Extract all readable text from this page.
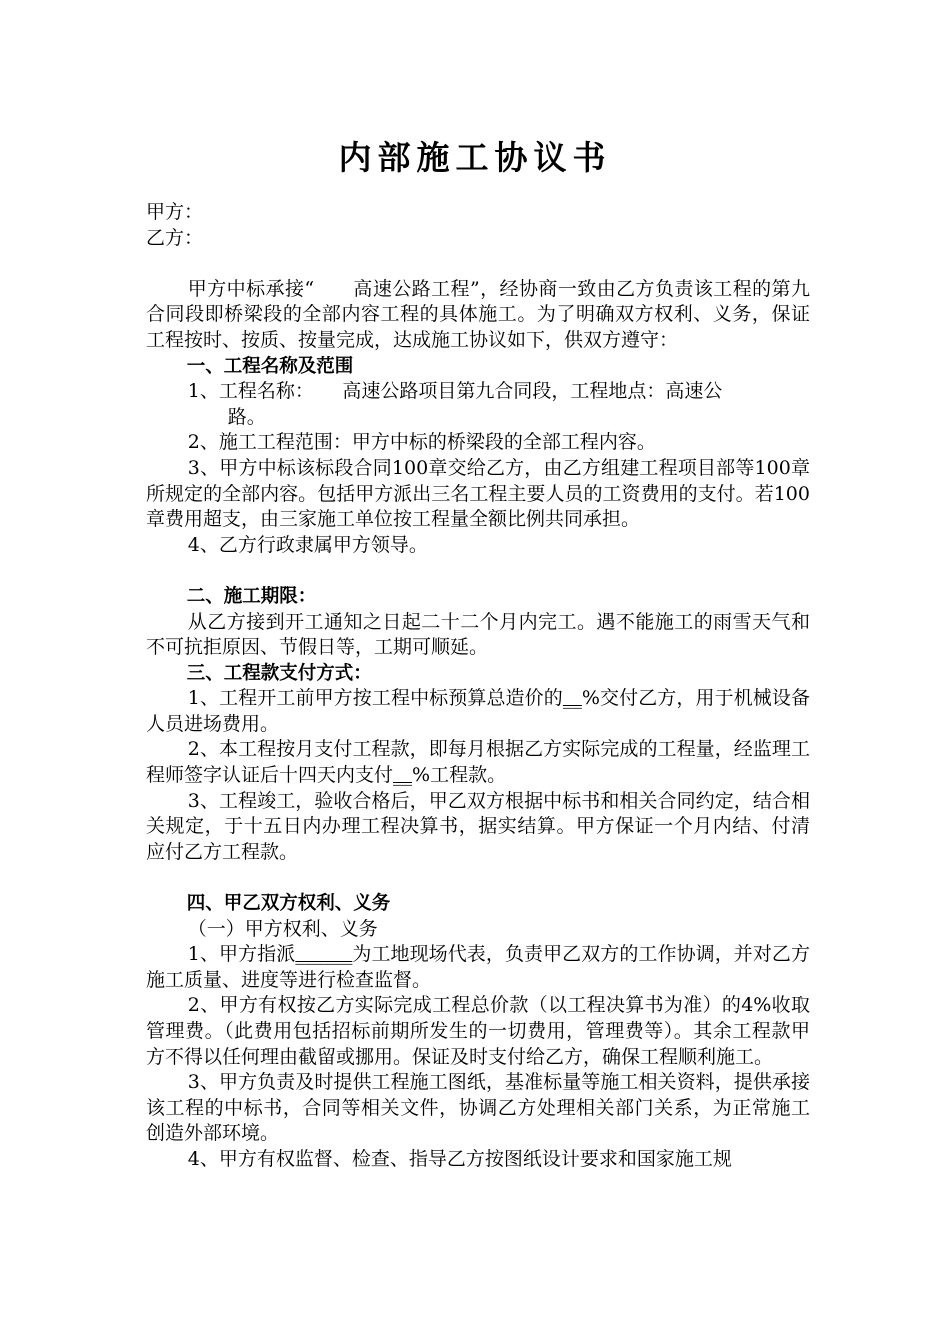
内部施工协议书

甲方：

乙方：

甲方中标承接“　　高速公路工程”，经协商一致由乙方负责该工程的第九合同段即桥梁段的全部内容工程的具体施工。为了明确双方权利、义务，保证工程按时、按质、按量完成，达成施工协议如下，供双方遵守：

一、工程名称及范围

1、工程名称：　　高速公路项目第九合同段，工程地点：高速公
路。

2、施工工程范围：甲方中标的桥梁段的全部工程内容。

3、甲方中标该标段合同100章交给乙方，由乙方组建工程项目部等100章所规定的全部内容。包括甲方派出三名工程主要人员的工资费用的支付。若100章费用超支，由三家施工单位按工程量全额比例共同承担。

4、乙方行政隶属甲方领导。

二、施工期限：

从乙方接到开工通知之日起二十二个月内完工。遇不能施工的雨雪天气和不可抗拒原因、节假日等，工期可顺延。

三、工程款支付方式：

1、工程开工前甲方按工程中标预算总造价的__%交付乙方，用于机械设备人员进场费用。

2、本工程按月支付工程款，即每月根据乙方实际完成的工程量，经监理工程师签字认证后十四天内支付__%工程款。

3、工程竣工，验收合格后，甲乙双方根据中标书和相关合同约定，结合相关规定，于十五日内办理工程决算书，据实结算。甲方保证一个月内结、付清应付乙方工程款。

四、甲乙双方权利、义务

（一）甲方权利、义务

1、甲方指派______为工地现场代表，负责甲乙双方的工作协调，并对乙方施工质量、进度等进行检查监督。

2、甲方有权按乙方实际完成工程总价款（以工程决算书为准）的4%收取管理费。（此费用包括招标前期所发生的一切费用，管理费等）。其余工程款甲方不得以任何理由截留或挪用。保证及时支付给乙方，确保工程顺利施工。

3、甲方负责及时提供工程施工图纸，基准标量等施工相关资料，提供承接该工程的中标书，合同等相关文件，协调乙方处理相关部门关系，为正常施工创造外部环境。

4、甲方有权监督、检查、指导乙方按图纸设计要求和国家施工规
